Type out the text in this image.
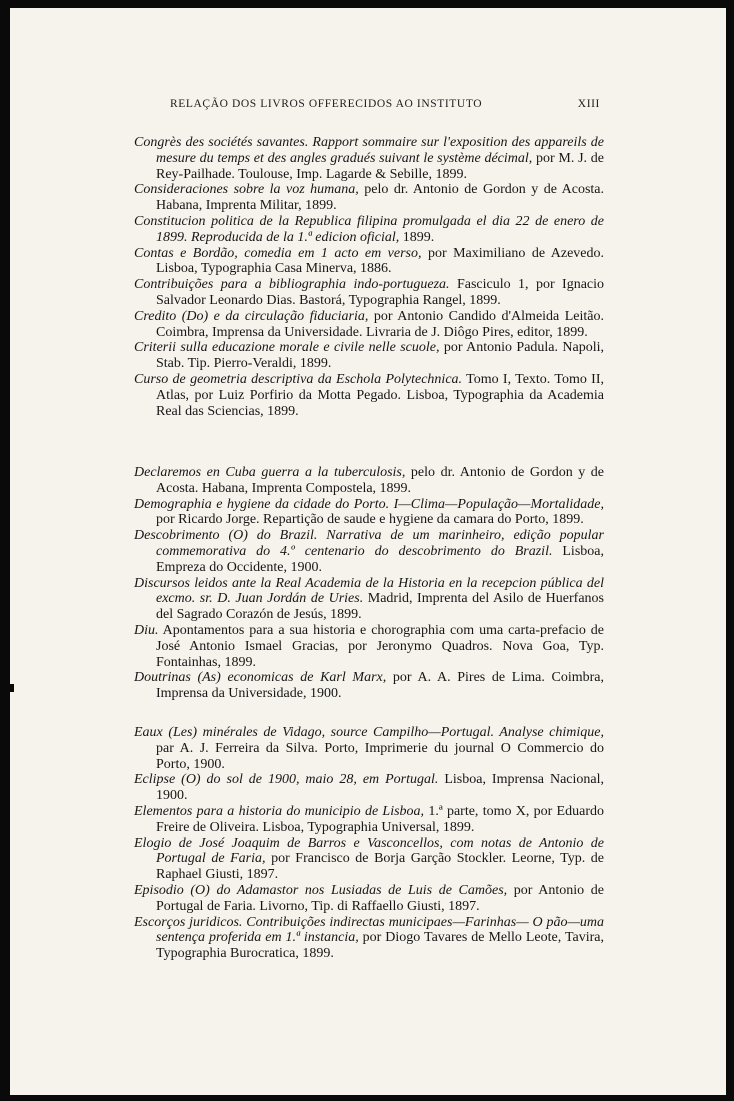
RELAÇÃO DOS LIVROS OFFERECIDOS AO INSTITUTO	XIII

Congrès des sociétés savantes. Rapport sommaire sur l'exposition des appareils de mesure du temps et des angles gradués suivant le système décimal, por M. J. de Rey-Pailhade. Toulouse, Imp. Lagarde & Sebille, 1899.

Consideraciones sobre la voz humana, pelo dr. Antonio de Gordon y de Acosta. Habana, Imprenta Militar, 1899.

Constitucion politica de la Republica filipina promulgada el dia 22 de enero de 1899. Reproducida de la 1.ª edicion oficial, 1899.

Contas e Bordão, comedia em 1 acto em verso, por Maximiliano de Azevedo. Lisboa, Typographia Casa Minerva, 1886.

Contribuições para a bibliographia indo-portugueza. Fasciculo 1, por Ignacio Salvador Leonardo Dias. Bastorá, Typographia Rangel, 1899.

Credito (Do) e da circulação fiduciaria, por Antonio Candido d'Almeida Leitão. Coimbra, Imprensa da Universidade. Livraria de J. Diôgo Pires, editor, 1899.

Criterii sulla educazione morale e civile nelle scuole, por Antonio Padula. Napoli, Stab. Tip. Pierro-Veraldi, 1899.

Curso de geometria descriptiva da Eschola Polytechnica. Tomo I, Texto. Tomo II, Atlas, por Luiz Porfirio da Motta Pegado. Lisboa, Typographia da Academia Real das Sciencias, 1899.

Declaremos en Cuba guerra a la tuberculosis, pelo dr. Antonio de Gordon y de Acosta. Habana, Imprenta Compostela, 1899.

Demographia e hygiene da cidade do Porto. I—Clima—População—Mortalidade, por Ricardo Jorge. Repartição de saude e hygiene da camara do Porto, 1899.

Descobrimento (O) do Brazil. Narrativa de um marinheiro, edição popular commemorativa do 4.º centenario do descobrimento do Brazil. Lisboa, Empreza do Occidente, 1900.

Discursos leidos ante la Real Academia de la Historia en la recepcion pública del excmo. sr. D. Juan Jordán de Uries. Madrid, Imprenta del Asilo de Huerfanos del Sagrado Corazón de Jesús, 1899.

Diu. Apontamentos para a sua historia e chorographia com uma carta-prefacio de José Antonio Ismael Gracias, por Jeronymo Quadros. Nova Goa, Typ. Fontainhas, 1899.

Doutrinas (As) economicas de Karl Marx, por A. A. Pires de Lima. Coimbra, Imprensa da Universidade, 1900.

Eaux (Les) minérales de Vidago, source Campilho—Portugal. Analyse chimique, par A. J. Ferreira da Silva. Porto, Imprimerie du journal O Commercio do Porto, 1900.

Eclipse (O) do sol de 1900, maio 28, em Portugal. Lisboa, Imprensa Nacional, 1900.

Elementos para a historia do municipio de Lisboa, 1.ª parte, tomo X, por Eduardo Freire de Oliveira. Lisboa, Typographia Universal, 1899.

Elogio de José Joaquim de Barros e Vasconcellos, com notas de Antonio de Portugal de Faria, por Francisco de Borja Garção Stockler. Leorne, Typ. de Raphael Giusti, 1897.

Episodio (O) do Adamastor nos Lusiadas de Luis de Camões, por Antonio de Portugal de Faria. Livorno, Tip. di Raffaello Giusti, 1897.

Escorços juridicos. Contribuições indirectas municipaes—Farinhas— O pão—uma sentença proferida em 1.ª instancia, por Diogo Tavares de Mello Leote, Tavira, Typographia Burocratica, 1899.
